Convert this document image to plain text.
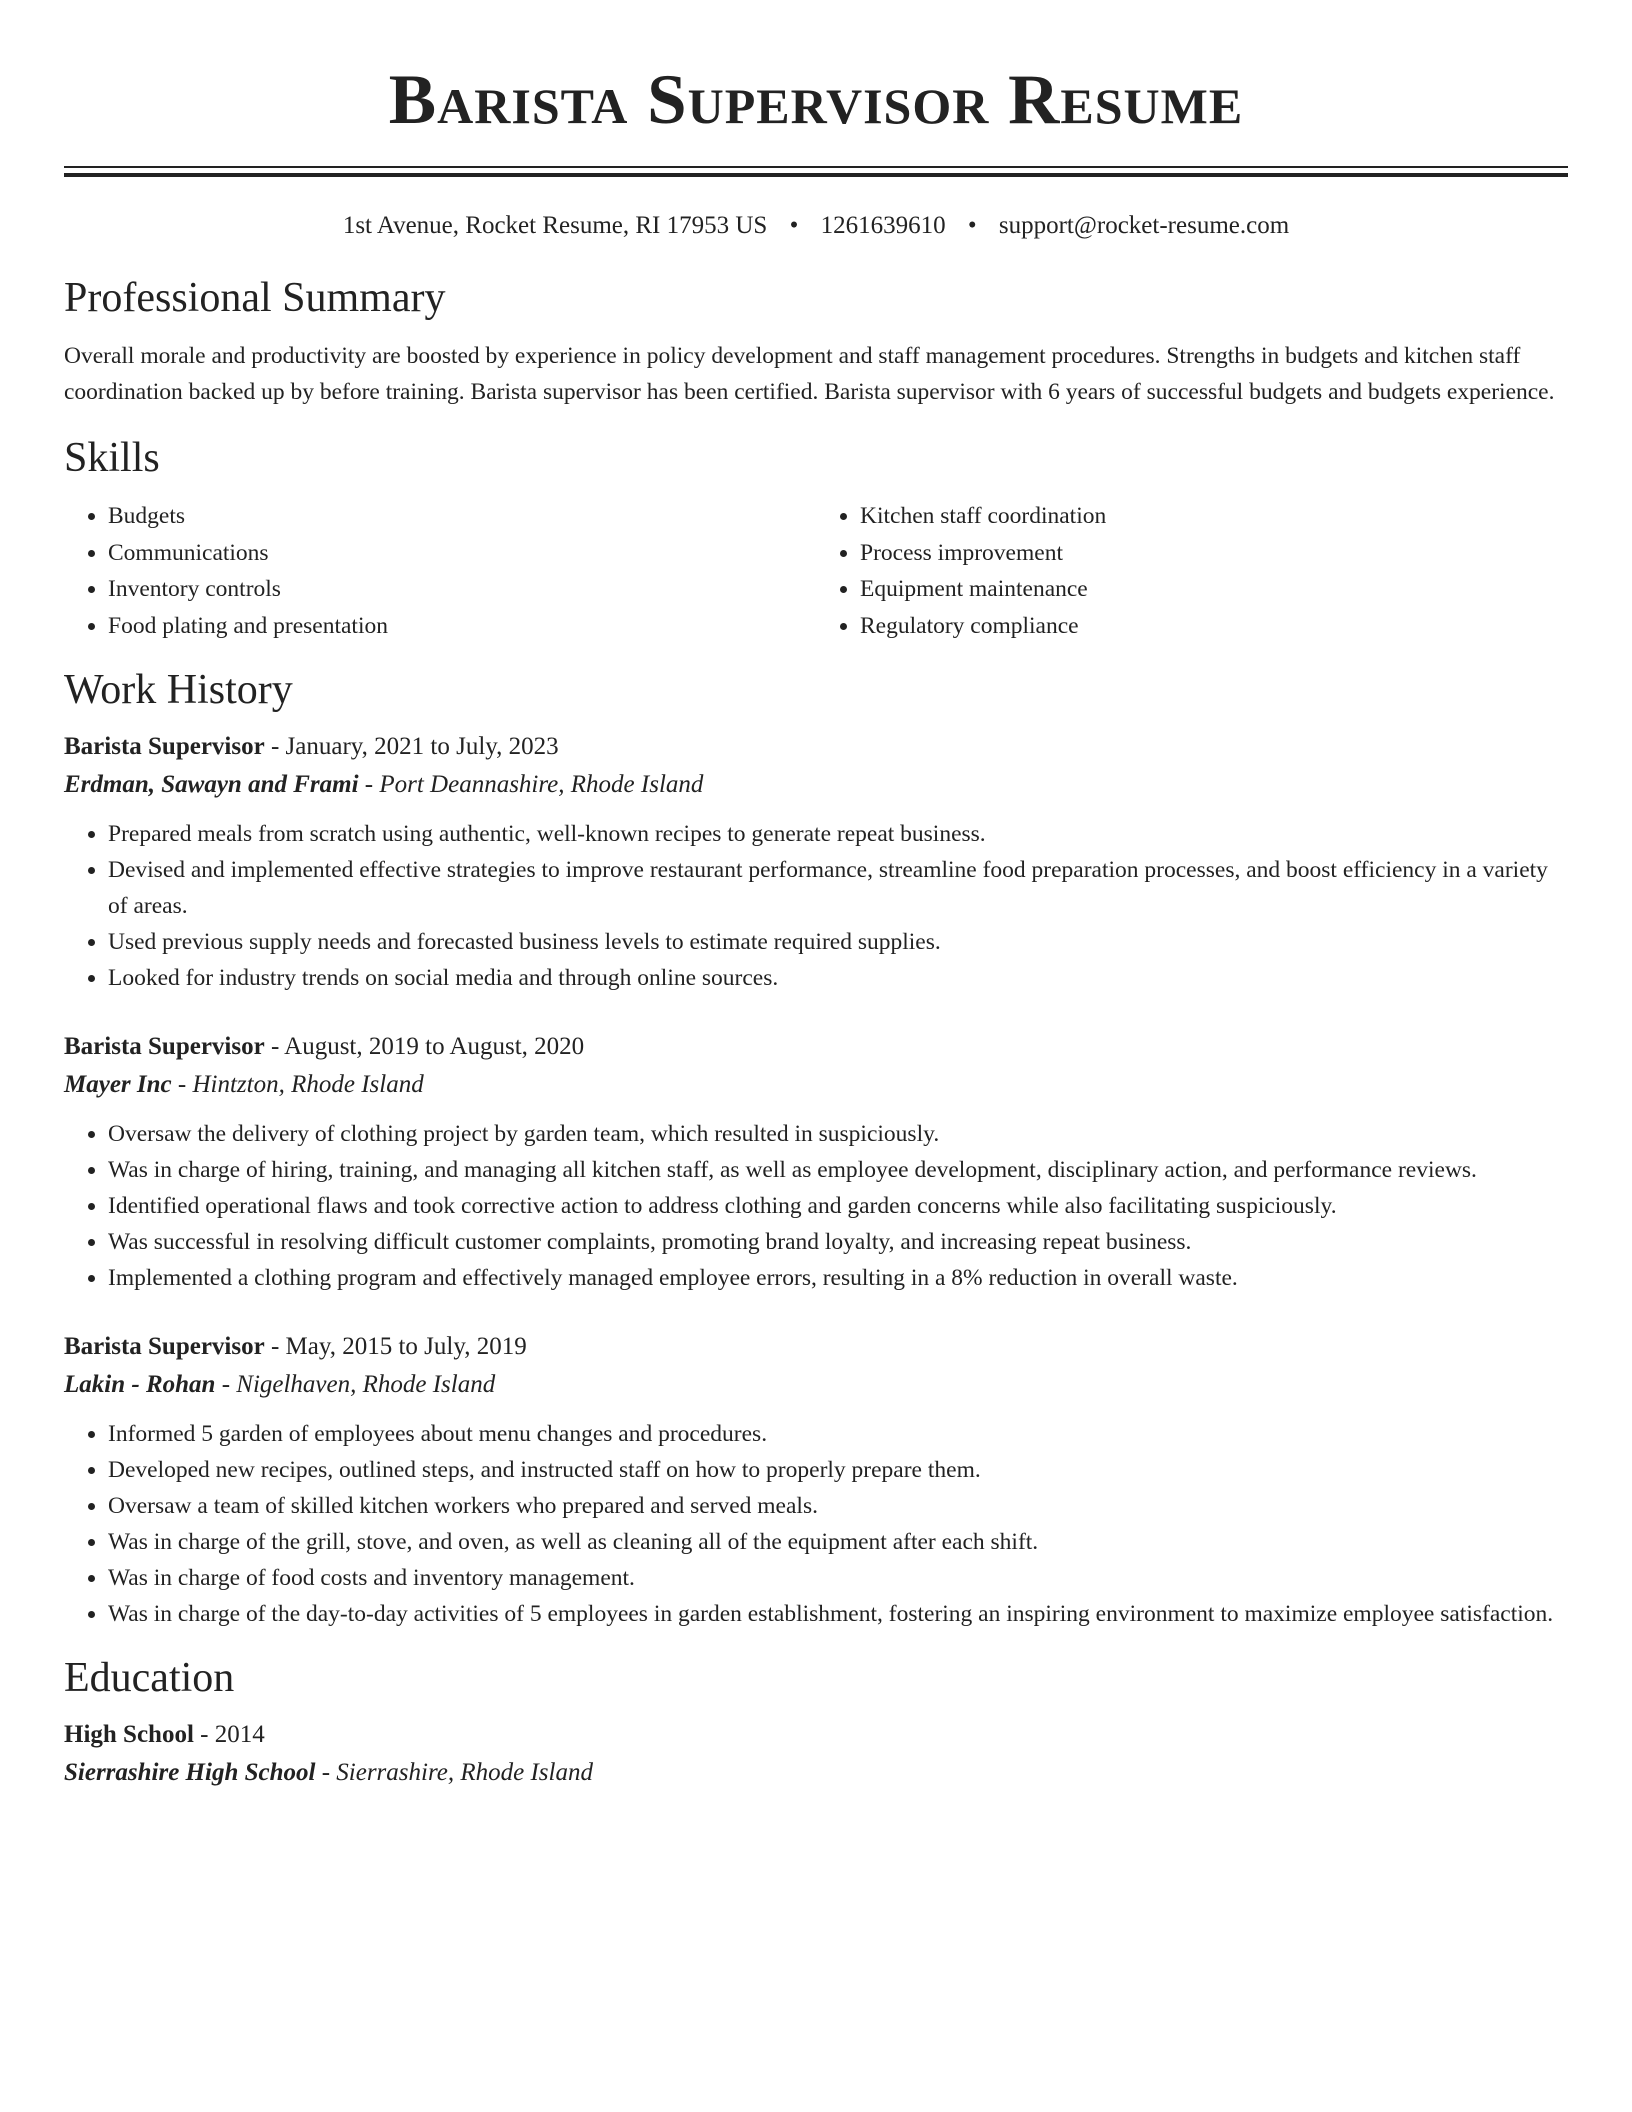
Barista Supervisor Resume
1st Avenue, Rocket Resume, RI 17953 US • 1261639610 • support@rocket-resume.com
Professional Summary

Overall morale and productivity are boosted by experience in policy development and staff management procedures. Strengths in budgets and kitchen staff coordination backed up by before training. Barista supervisor has been certified. Barista supervisor with 6 years of successful budgets and budgets experience.

Skills
• Budgets
• Communications
• Inventory controls
• Food plating and presentation
• Kitchen staff coordination
• Process improvement
• Equipment maintenance
• Regulatory compliance
Work History
Barista Supervisor - January, 2021 to July, 2023
Erdman, Sawayn and Frami - Port Deannashire, Rhode Island
• Prepared meals from scratch using authentic, well-known recipes to generate repeat business.
• Devised and implemented effective strategies to improve restaurant performance, streamline food preparation processes, and boost efficiency in a variety of areas.
• Used previous supply needs and forecasted business levels to estimate required supplies.
• Looked for industry trends on social media and through online sources.
Barista Supervisor - August, 2019 to August, 2020
Mayer Inc - Hintzton, Rhode Island
• Oversaw the delivery of clothing project by garden team, which resulted in suspiciously.
• Was in charge of hiring, training, and managing all kitchen staff, as well as employee development, disciplinary action, and performance reviews.
• Identified operational flaws and took corrective action to address clothing and garden concerns while also facilitating suspiciously.
• Was successful in resolving difficult customer complaints, promoting brand loyalty, and increasing repeat business.
• Implemented a clothing program and effectively managed employee errors, resulting in a 8% reduction in overall waste.
Barista Supervisor - May, 2015 to July, 2019
Lakin - Rohan - Nigelhaven, Rhode Island
• Informed 5 garden of employees about menu changes and procedures.
• Developed new recipes, outlined steps, and instructed staff on how to properly prepare them.
• Oversaw a team of skilled kitchen workers who prepared and served meals.
• Was in charge of the grill, stove, and oven, as well as cleaning all of the equipment after each shift.
• Was in charge of food costs and inventory management.
• Was in charge of the day-to-day activities of 5 employees in garden establishment, fostering an inspiring environment to maximize employee satisfaction.
Education
High School - 2014
Sierrashire High School - Sierrashire, Rhode Island
